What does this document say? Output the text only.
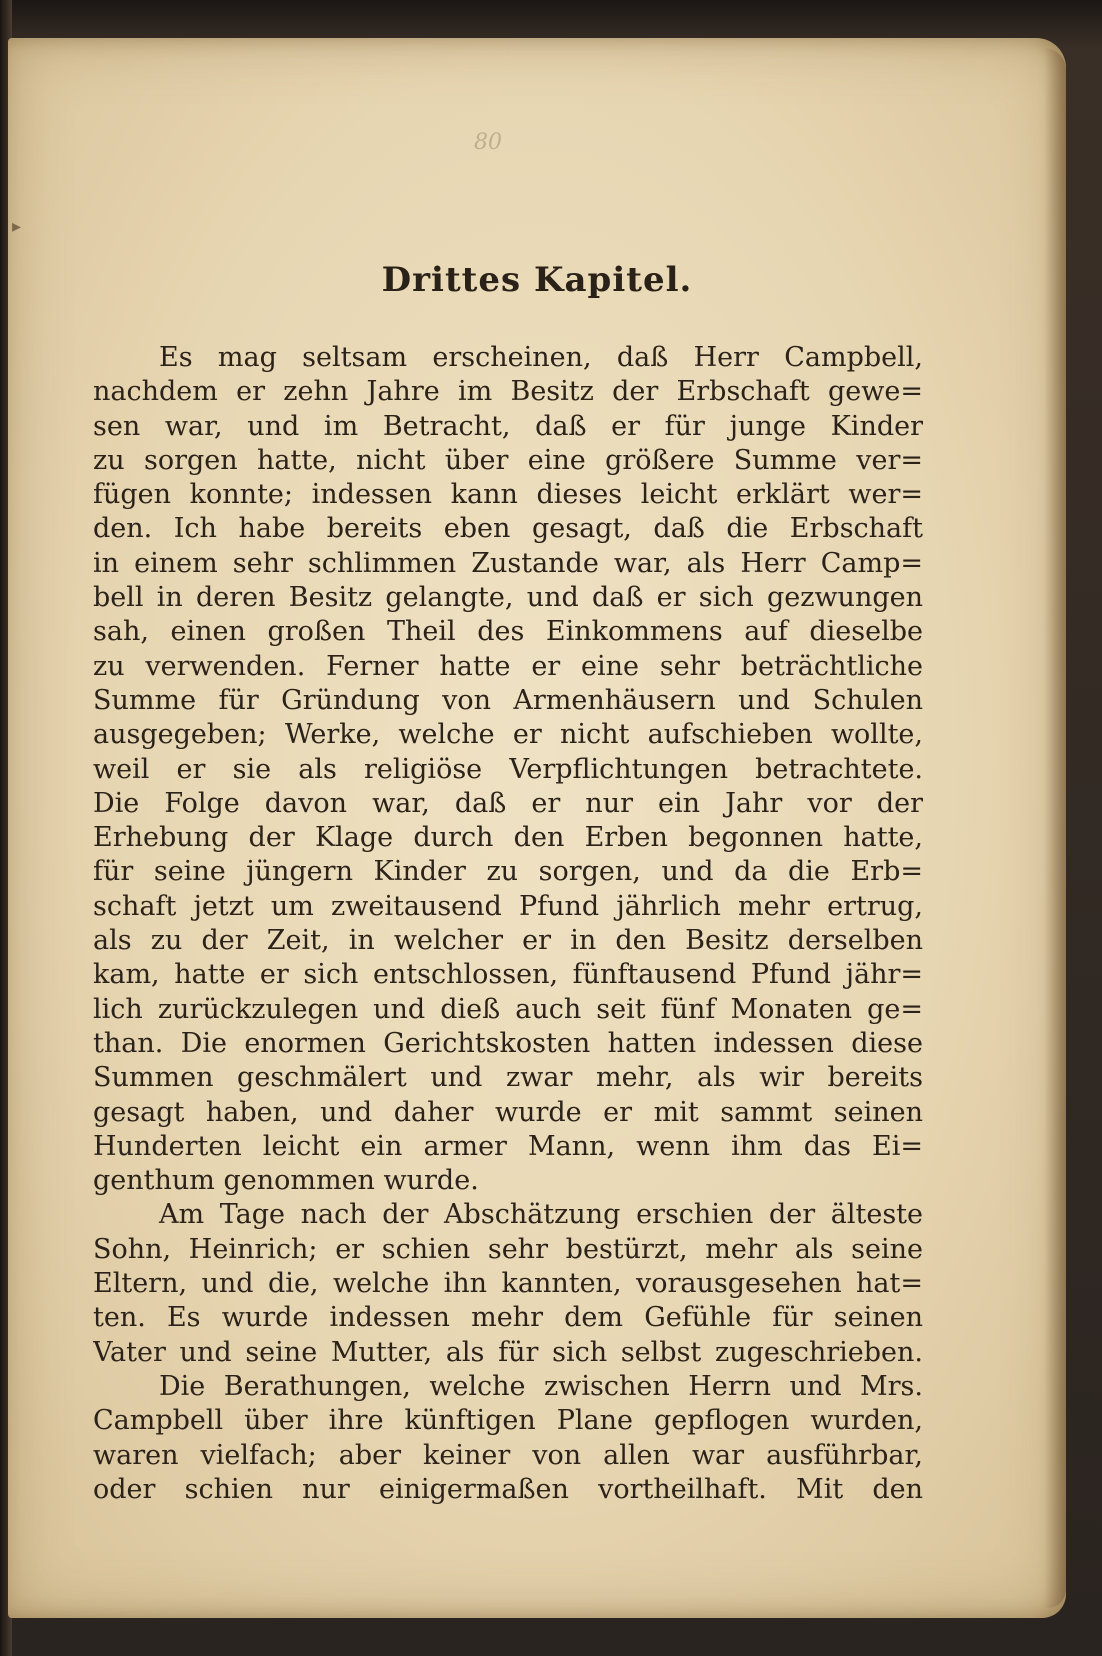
80
▸
Drittes Kapitel.
Es mag seltsam erscheinen, daß Herr Campbell,
nachdem er zehn Jahre im Besitz der Erbschaft gewe=
sen war, und im Betracht, daß er für junge Kinder
zu sorgen hatte, nicht über eine größere Summe ver=
fügen konnte; indessen kann dieses leicht erklärt wer=
den. Ich habe bereits eben gesagt, daß die Erbschaft
in einem sehr schlimmen Zustande war, als Herr Camp=
bell in deren Besitz gelangte, und daß er sich gezwungen
sah, einen großen Theil des Einkommens auf dieselbe
zu verwenden. Ferner hatte er eine sehr beträchtliche
Summe für Gründung von Armenhäusern und Schulen
ausgegeben; Werke, welche er nicht aufschieben wollte,
weil er sie als religiöse Verpflichtungen betrachtete.
Die Folge davon war, daß er nur ein Jahr vor der
Erhebung der Klage durch den Erben begonnen hatte,
für seine jüngern Kinder zu sorgen, und da die Erb=
schaft jetzt um zweitausend Pfund jährlich mehr ertrug,
als zu der Zeit, in welcher er in den Besitz derselben
kam, hatte er sich entschlossen, fünftausend Pfund jähr=
lich zurückzulegen und dieß auch seit fünf Monaten ge=
than. Die enormen Gerichtskosten hatten indessen diese
Summen geschmälert und zwar mehr, als wir bereits
gesagt haben, und daher wurde er mit sammt seinen
Hunderten leicht ein armer Mann, wenn ihm das Ei=
genthum genommen wurde.
Am Tage nach der Abschätzung erschien der älteste
Sohn, Heinrich; er schien sehr bestürzt, mehr als seine
Eltern, und die, welche ihn kannten, vorausgesehen hat=
ten. Es wurde indessen mehr dem Gefühle für seinen
Vater und seine Mutter, als für sich selbst zugeschrieben.
Die Berathungen, welche zwischen Herrn und Mrs.
Campbell über ihre künftigen Plane gepflogen wurden,
waren vielfach; aber keiner von allen war ausführbar,
oder schien nur einigermaßen vortheilhaft. Mit den
